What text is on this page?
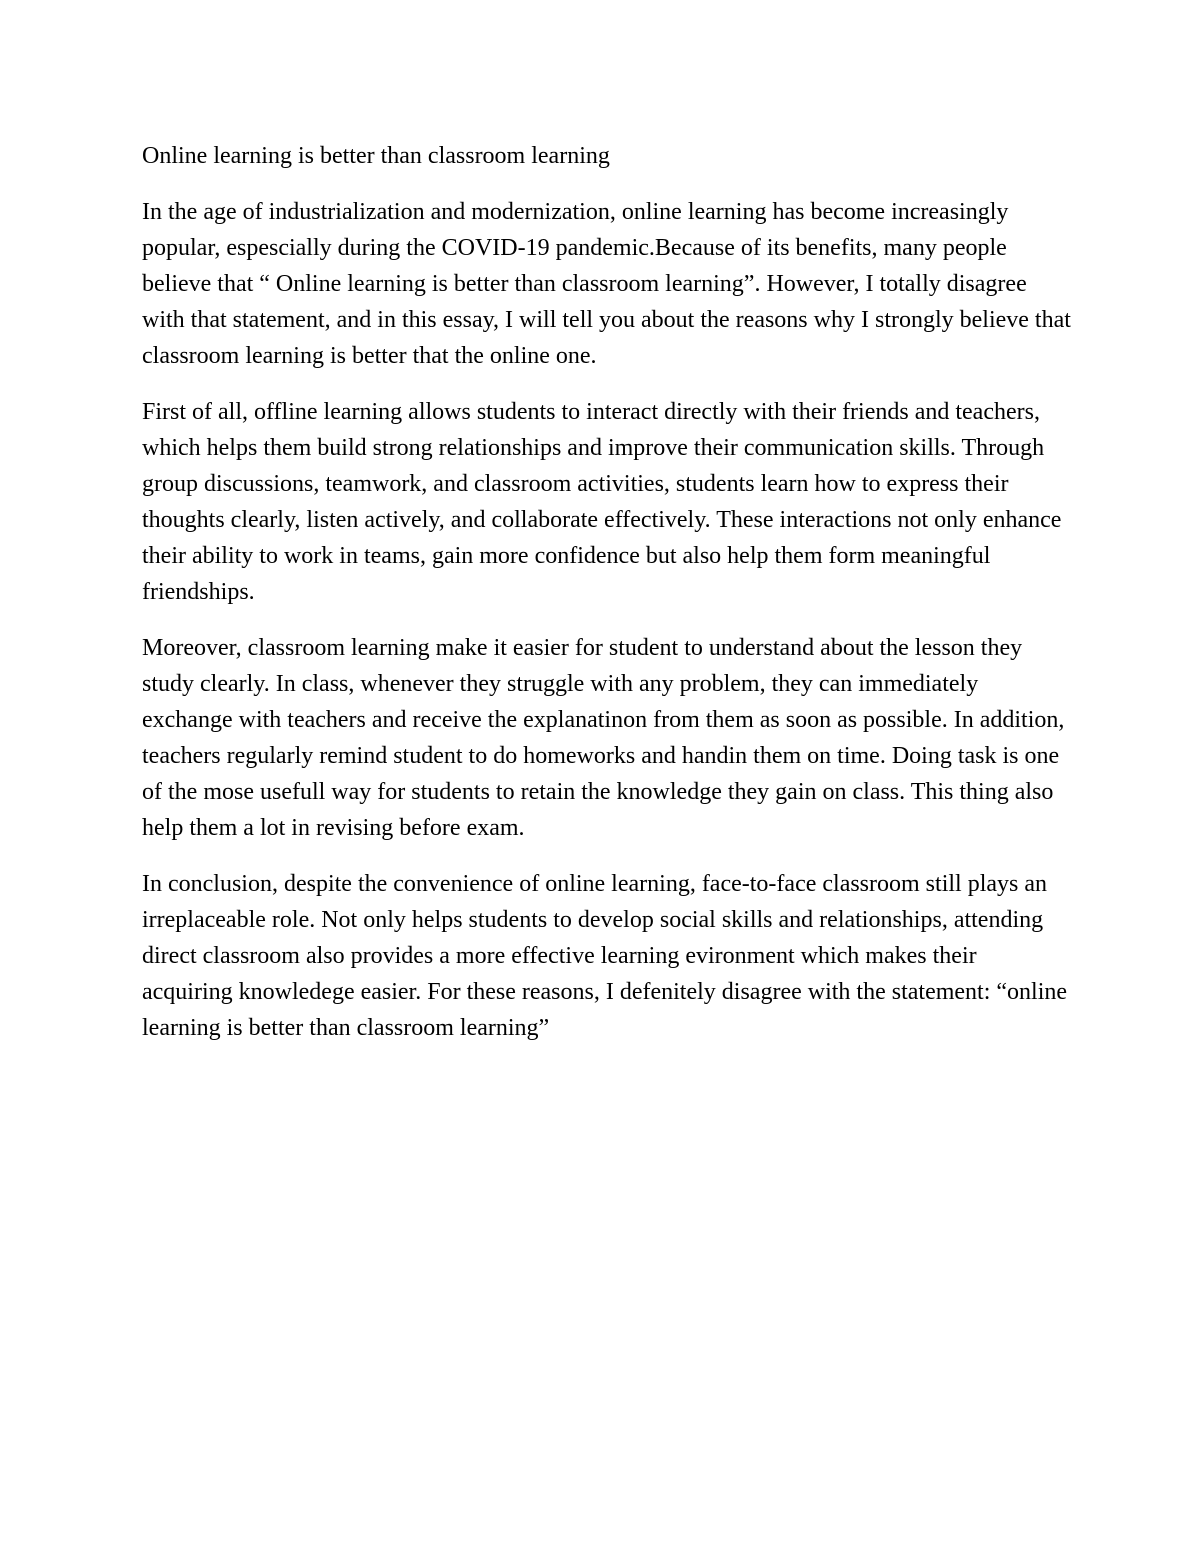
Online learning is better than classroom learning

In the age of industrialization and modernization, online learning has become increasingly popular, espescially during the COVID-19 pandemic.Because of its benefits, many people believe that “ Online learning is better than classroom learning”. However, I totally disagree with that statement, and in this essay, I will tell you about the reasons why I strongly believe that classroom learning is better that the online one.

First of all, offline learning allows students to interact directly with their friends and teachers, which helps them build strong relationships and improve their communication skills. Through group discussions, teamwork, and classroom activities, students learn how to express their thoughts clearly, listen actively, and collaborate effectively. These interactions not only enhance their ability to work in teams, gain more confidence but also help them form meaningful friendships.

Moreover, classroom learning make it easier for student to understand about the lesson they study clearly. In class, whenever they struggle with any problem, they can immediately exchange with teachers and receive the explanatinon from them as soon as possible. In addition, teachers regularly remind student to do homeworks and handin them on time. Doing task is one of the mose usefull way for students to retain the knowledge they gain on class. This thing also help them a lot in revising before exam.

In conclusion, despite the convenience of online learning, face-to-face classroom still plays an irreplaceable role. Not only helps students to develop social skills and relationships, attending direct classroom also provides a more effective learning evironment which makes their acquiring knowledege easier. For these reasons, I defenitely disagree with the statement: “online learning is better than classroom learning”
